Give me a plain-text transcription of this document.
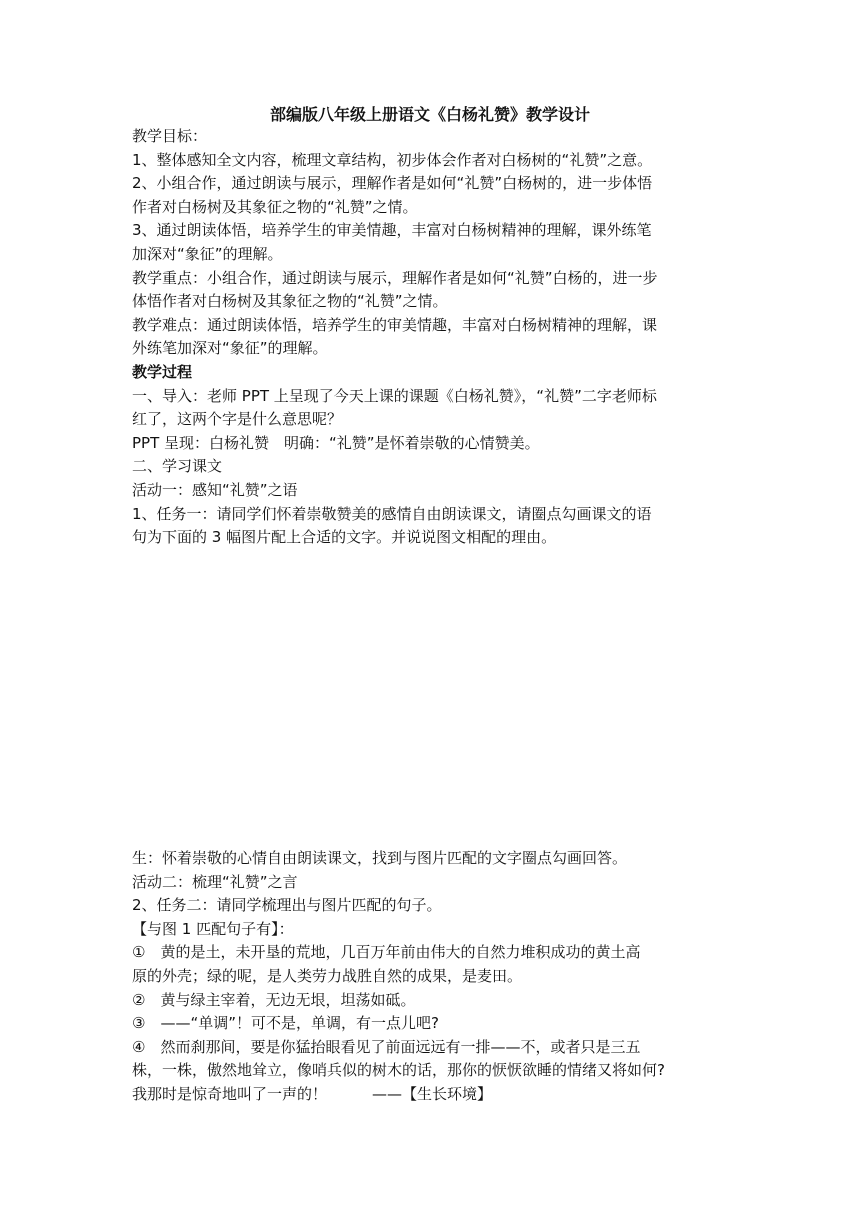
部编版八年级上册语文《白杨礼赞》教学设计

教学目标：

1、整体感知全文内容，梳理文章结构，初步体会作者对白杨树的“礼赞”之意。

2、小组合作，通过朗读与展示，理解作者是如何“礼赞”白杨树的，进一步体悟

作者对白杨树及其象征之物的“礼赞”之情。

3、通过朗读体悟，培养学生的审美情趣，丰富对白杨树精神的理解，课外练笔

加深对“象征”的理解。

教学重点：小组合作，通过朗读与展示，理解作者是如何“礼赞”白杨的，进一步

体悟作者对白杨树及其象征之物的“礼赞”之情。

教学难点：通过朗读体悟，培养学生的审美情趣，丰富对白杨树精神的理解，课

外练笔加深对“象征”的理解。

教学过程

一、导入：老师 PPT 上呈现了今天上课的课题《白杨礼赞》，“礼赞”二字老师标

红了，这两个字是什么意思呢？

PPT 呈现：白杨礼赞　明确：“礼赞”是怀着崇敬的心情赞美。

二、学习课文

活动一：感知“礼赞”之语

1、任务一：请同学们怀着崇敬赞美的感情自由朗读课文，请圈点勾画课文的语

句为下面的 3 幅图片配上合适的文字。并说说图文相配的理由。

生：怀着崇敬的心情自由朗读课文，找到与图片匹配的文字圈点勾画回答。

活动二：梳理“礼赞”之言

2、任务二：请同学梳理出与图片匹配的句子。

【与图 1 匹配句子有】：

①　黄的是土，未开垦的荒地，几百万年前由伟大的自然力堆积成功的黄土高

原的外壳；绿的呢，是人类劳力战胜自然的成果，是麦田。

②　黄与绿主宰着，无边无垠，坦荡如砥。

③　——“单调”！可不是，单调，有一点儿吧?

④　然而刹那间，要是你猛抬眼看见了前面远远有一排——不，或者只是三五

株，一株，傲然地耸立，像哨兵似的树木的话，那你的恹恹欲睡的情绪又将如何?

我那时是惊奇地叫了一声的！　　　——【生长环境】
